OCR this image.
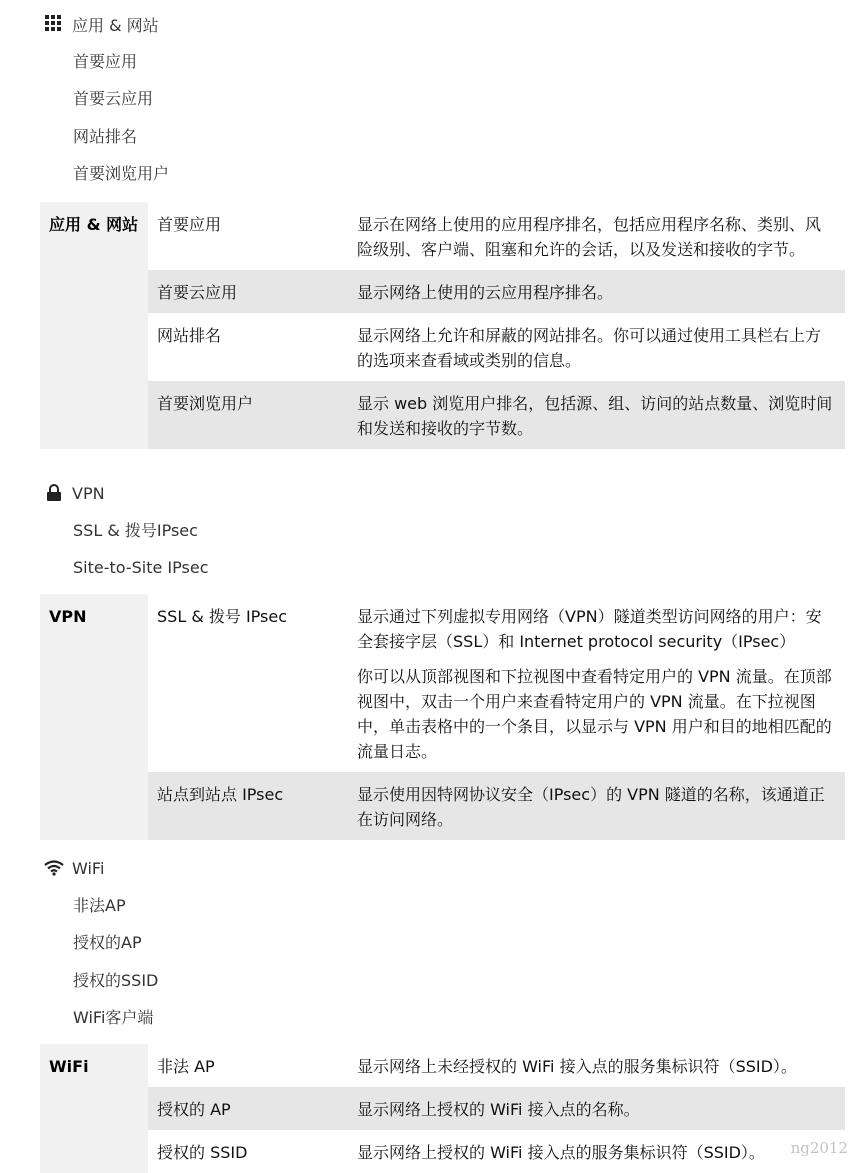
应用 & 网站
首要应用
首要云应用
网站排名
首要浏览用户
应用 & 网站	首要应用	显示在网络上使用的应用程序排名，包括应用程序名称、类别、风险级别、客户端、阻塞和允许的会话，以及发送和接收的字节。

	首要云应用	显示网络上使用的云应用程序排名。

	网站排名	显示网络上允许和屏蔽的网站排名。你可以通过使用工具栏右上方的选项来查看域或类别的信息。

	首要浏览用户	显示 web 浏览用户排名，包括源、组、访问的站点数量、浏览时间和发送和接收的字节数。

VPN
SSL & 拨号IPsec
Site-to-Site IPsec
VPN	SSL & 拨号 IPsec	显示通过下列虚拟专用网络（VPN）隧道类型访问网络的用户：安全套接字层（SSL）和 Internet protocol security（IPsec）

你可以从顶部视图和下拉视图中查看特定用户的 VPN 流量。在顶部视图中，双击一个用户来查看特定用户的 VPN 流量。在下拉视图中，单击表格中的一个条目，以显示与 VPN 用户和目的地相匹配的流量日志。

	站点到站点 IPsec	显示使用因特网协议安全（IPsec）的 VPN 隧道的名称，该通道正在访问网络。

WiFi
非法AP
授权的AP
授权的SSID
WiFi客户端
WiFi	非法 AP	显示网络上未经授权的 WiFi 接入点的服务集标识符（SSID）。

	授权的 AP	显示网络上授权的 WiFi 接入点的名称。

	授权的 SSID	显示网络上授权的 WiFi 接入点的服务集标识符（SSID）。	ng2012
